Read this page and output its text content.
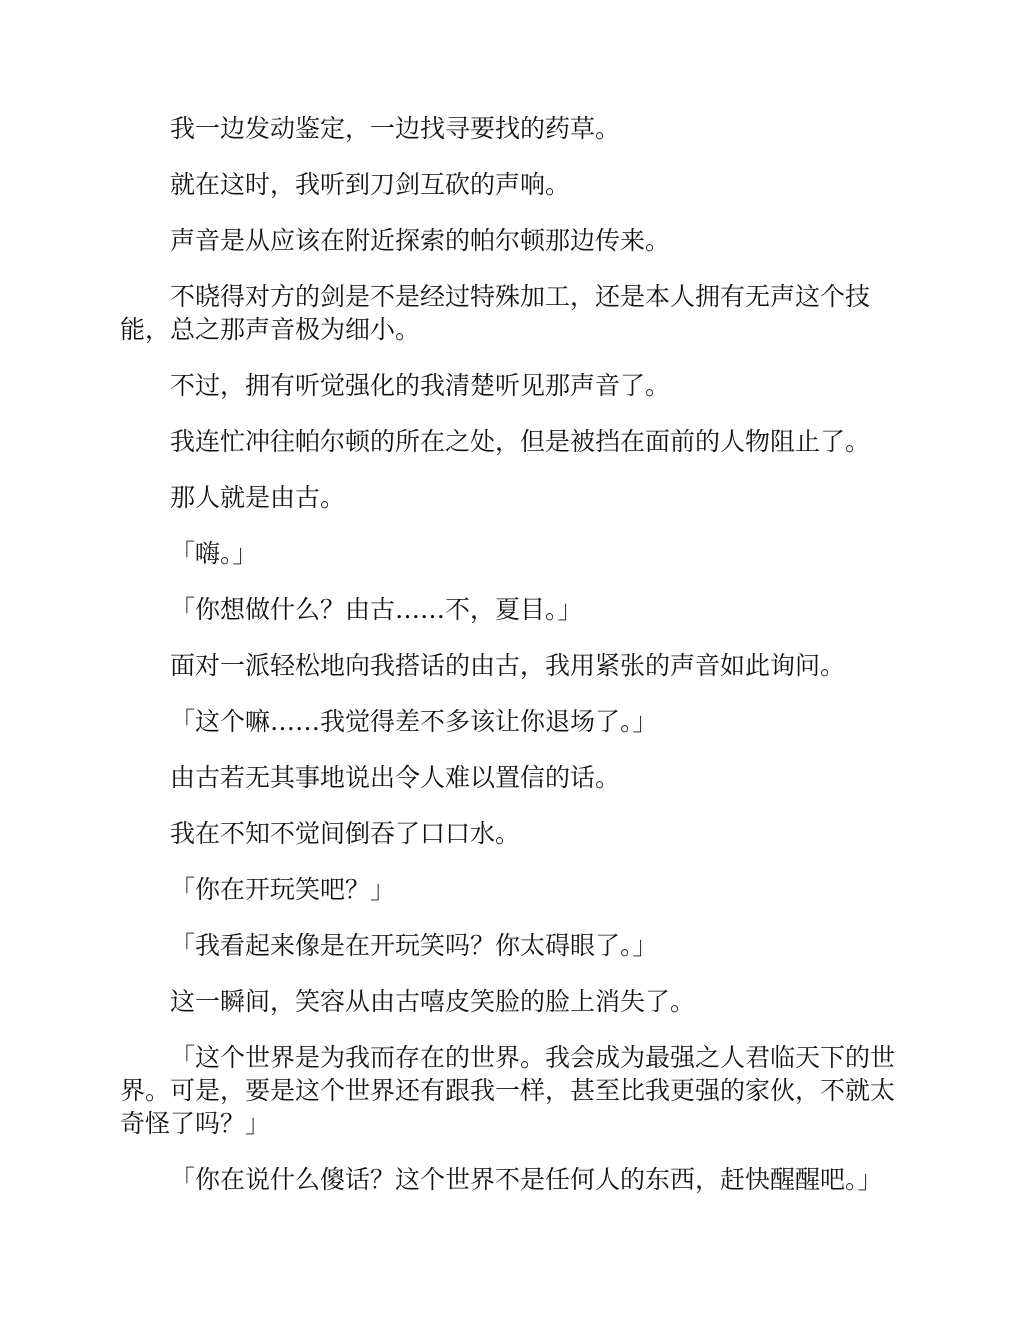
我一边发动鉴定，一边找寻要找的药草。

就在这时，我听到刀剑互砍的声响。

声音是从应该在附近探索的帕尔顿那边传来。

不晓得对方的剑是不是经过特殊加工，还是本人拥有无声这个技能，总之那声音极为细小。

不过，拥有听觉强化的我清楚听见那声音了。

我连忙冲往帕尔顿的所在之处，但是被挡在面前的人物阻止了。

那人就是由古。

「嗨。」

「你想做什么？由古……不，夏目。」

面对一派轻松地向我搭话的由古，我用紧张的声音如此询问。

「这个嘛……我觉得差不多该让你退场了。」

由古若无其事地说出令人难以置信的话。

我在不知不觉间倒吞了口口水。

「你在开玩笑吧？」

「我看起来像是在开玩笑吗？你太碍眼了。」

这一瞬间，笑容从由古嘻皮笑脸的脸上消失了。

「这个世界是为我而存在的世界。我会成为最强之人君临天下的世界。可是，要是这个世界还有跟我一样，甚至比我更强的家伙，不就太奇怪了吗？」

「你在说什么傻话？这个世界不是任何人的东西，赶快醒醒吧。」
